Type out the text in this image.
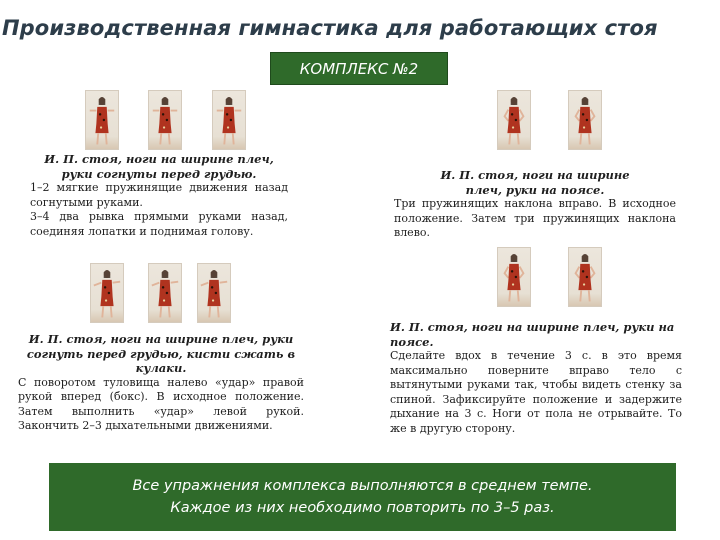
Производственная гимнастика для работающих стоя
КОМПЛЕКС №2
И. П. стоя, ноги на ширине плеч, руки согнуты перед грудью.
1–2 мягкие пружинящие движения назад согнутыми руками.
3–4 два рывка прямыми руками назад, соединяя лопатки и поднимая голову.
И. П. стоя, ноги на ширине плеч, руки на поясе.
Три пружинящих наклона вправо. В исходное положение. Затем три пружинящих наклона влево.
И. П. стоя, ноги на ширине плеч, руки согнуть перед грудью, кисти сжать в кулаки.
С поворотом туловища налево «удар» правой рукой вперед (бокс). В исходное положение. Затем выполнить «удар» левой рукой. Закончить 2–3 дыхательными движениями.
И. П. стоя, ноги на ширине плеч, руки на поясе.
Сделайте вдох в течение 3 с. в это время максимально поверните вправо тело с вытянутыми руками так, чтобы видеть стенку за спиной. Зафиксируйте положение и задержите дыхание на 3 с. Ноги от пола не отрывайте. То же в другую сторону.
Все упражнения комплекса выполняются в среднем темпе.
Каждое из них необходимо повторить по 3–5 раз.
